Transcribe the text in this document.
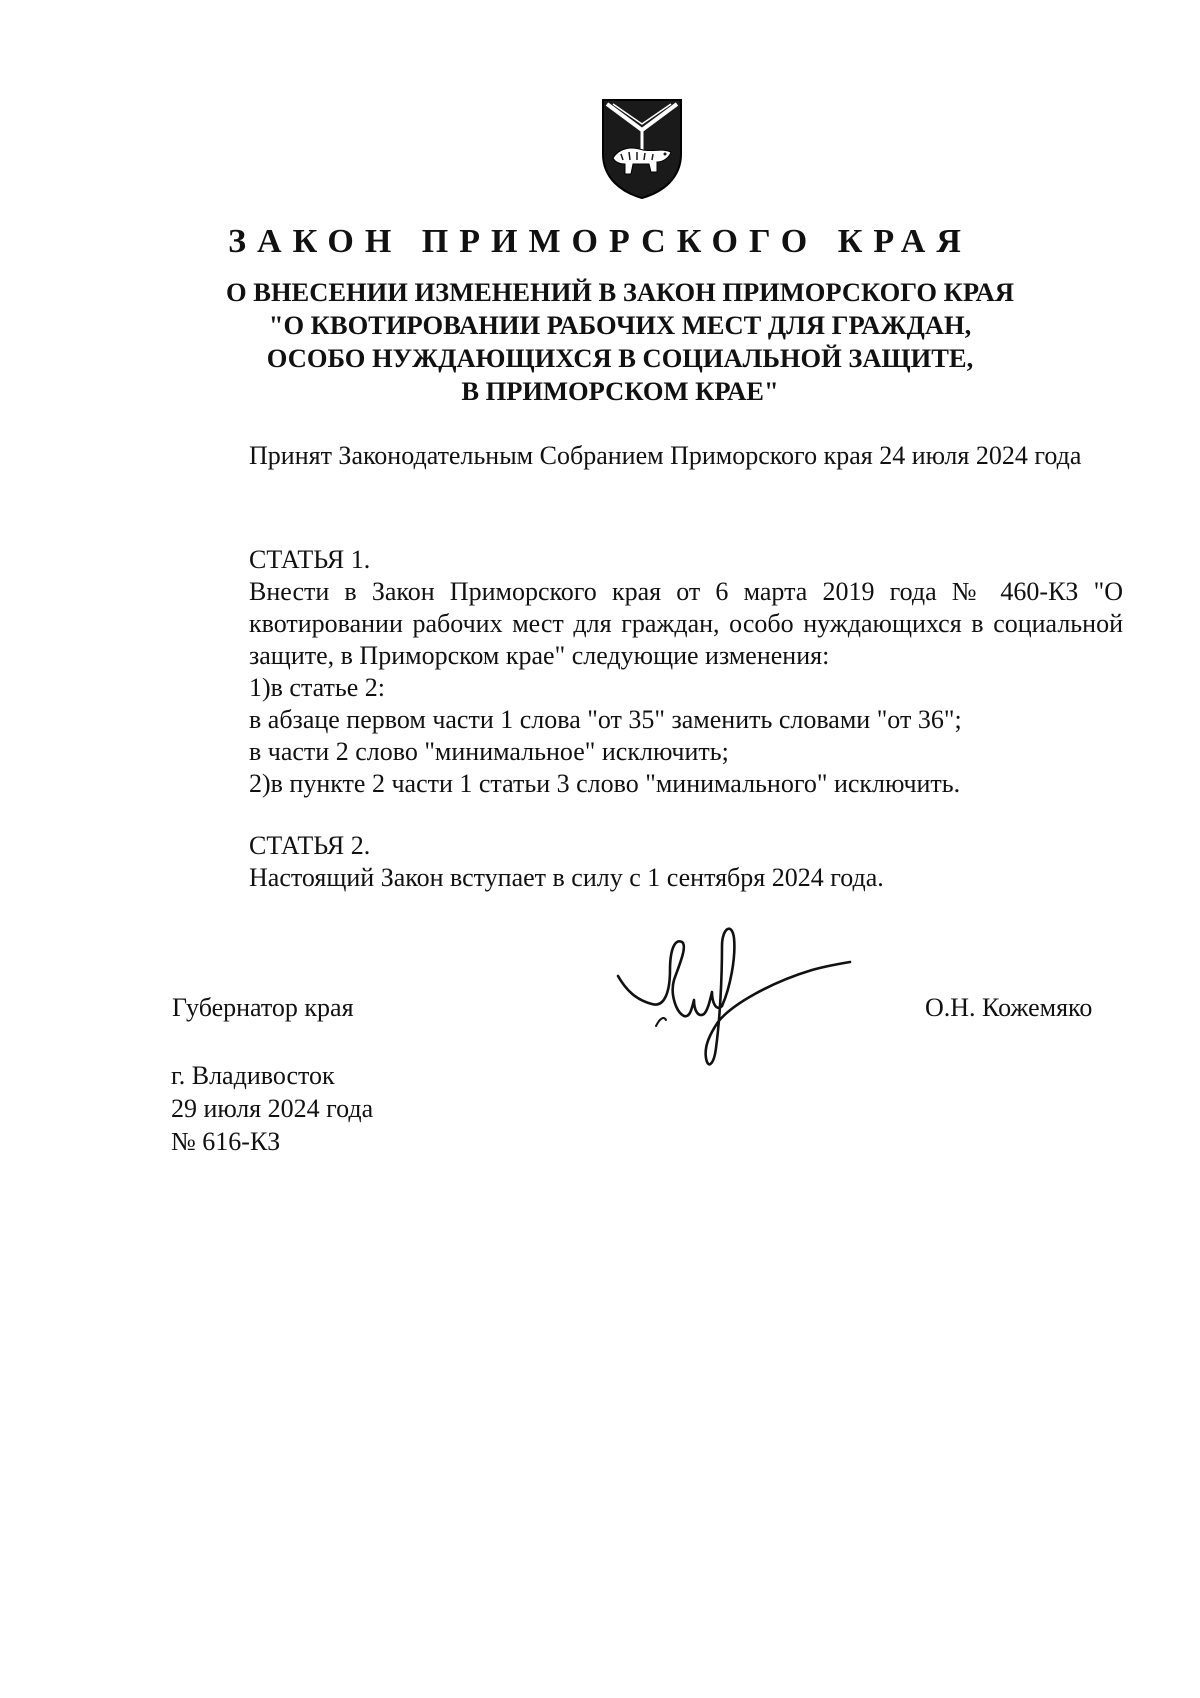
ЗАКОН ПРИМОРСКОГО КРАЯ
О ВНЕСЕНИИ ИЗМЕНЕНИЙ В ЗАКОН ПРИМОРСКОГО КРАЯ
"О КВОТИРОВАНИИ РАБОЧИХ МЕСТ ДЛЯ ГРАЖДАН,
ОСОБО НУЖДАЮЩИХСЯ В СОЦИАЛЬНОЙ ЗАЩИТЕ,
В ПРИМОРСКОМ КРАЕ"
Принят Законодательным Собранием Приморского края 24 июля 2024 года
СТАТЬЯ 1.
Внести в Закон Приморского края от 6 марта 2019 года № 460-КЗ "О квотировании рабочих мест для граждан, особо нуждающихся в социальной защите, в Приморском крае" следующие изменения:
1)в статье 2:
в абзаце первом части 1 слова "от 35" заменить словами "от 36";
в части 2 слово "минимальное" исключить;
2)в пункте 2 части 1 статьи 3 слово "минимального" исключить.
СТАТЬЯ 2.
Настоящий Закон вступает в силу с 1 сентября 2024 года.
Губернатор края	О.Н. Кожемяко
г. Владивосток
29 июля 2024 года
№ 616-КЗ
